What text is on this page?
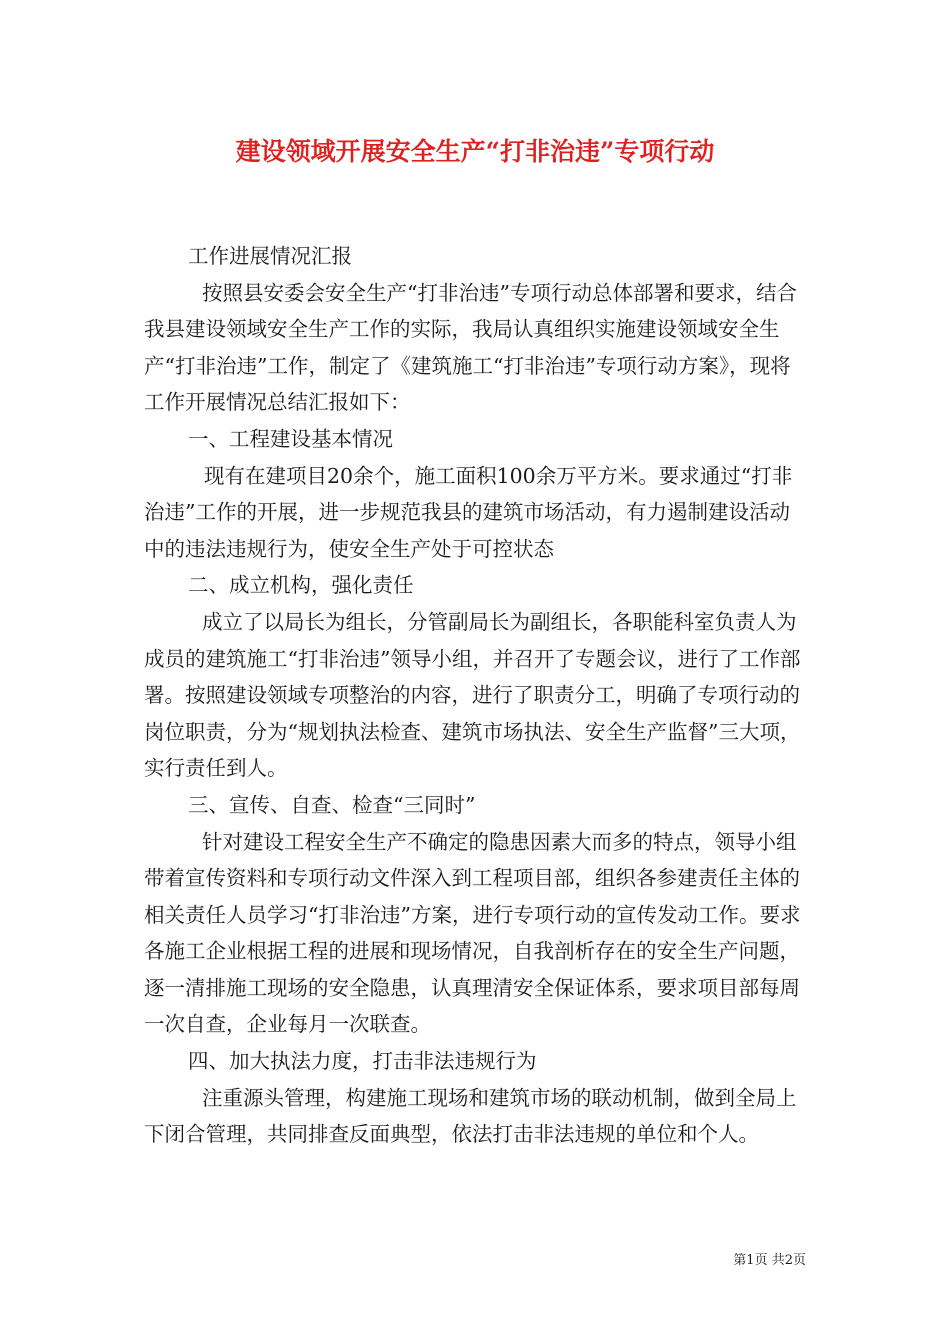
建设领域开展安全生产“打非治违”专项行动

工作进展情况汇报

按照县安委会安全生产“打非治违”专项行动总体部署和要求，结合我县建设领域安全生产工作的实际，我局认真组织实施建设领域安全生产“打非治违”工作，制定了《建筑施工“打非治违”专项行动方案》，现将工作开展情况总结汇报如下：

一、工程建设基本情况

现有在建项目20余个，施工面积100余万平方米。要求通过“打非治违”工作的开展，进一步规范我县的建筑市场活动，有力遏制建设活动中的违法违规行为，使安全生产处于可控状态

二、成立机构，强化责任

成立了以局长为组长，分管副局长为副组长，各职能科室负责人为成员的建筑施工“打非治违”领导小组，并召开了专题会议，进行了工作部署。按照建设领域专项整治的内容，进行了职责分工，明确了专项行动的岗位职责，分为“规划执法检查、建筑市场执法、安全生产监督”三大项，实行责任到人。

三、宣传、自查、检查“三同时”

针对建设工程安全生产不确定的隐患因素大而多的特点，领导小组带着宣传资料和专项行动文件深入到工程项目部，组织各参建责任主体的相关责任人员学习“打非治违”方案，进行专项行动的宣传发动工作。要求各施工企业根据工程的进展和现场情况，自我剖析存在的安全生产问题，逐一清排施工现场的安全隐患，认真理清安全保证体系，要求项目部每周一次自查，企业每月一次联查。

四、加大执法力度，打击非法违规行为

注重源头管理，构建施工现场和建筑市场的联动机制，做到全局上下闭合管理，共同排查反面典型，依法打击非法违规的单位和个人。

第1页 共2页
